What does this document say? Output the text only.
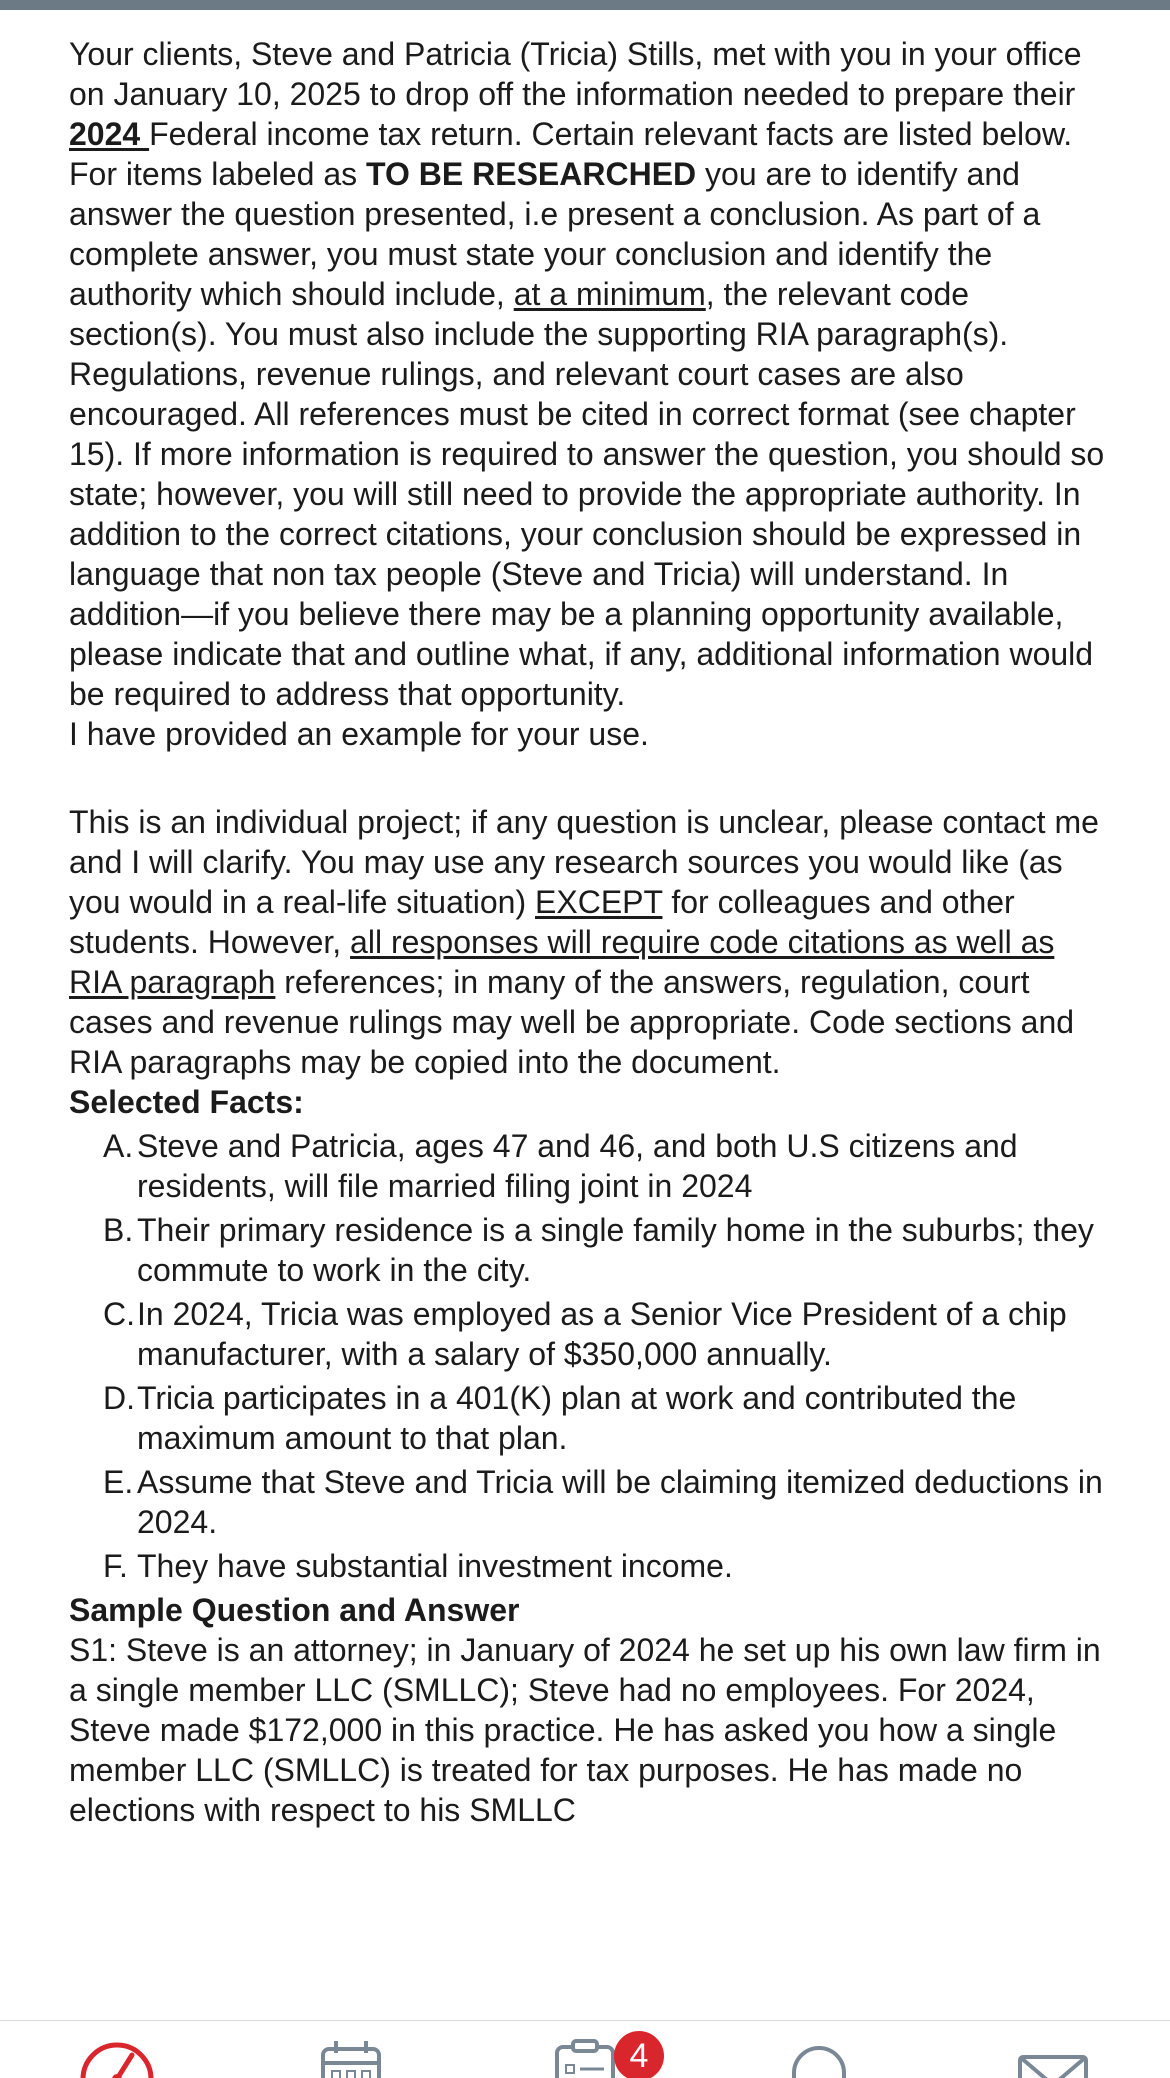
Your clients, Steve and Patricia (Tricia) Stills, met with you in your office on January 10, 2025 to drop off the information needed to prepare their 2024 Federal income tax return. Certain relevant facts are listed below. For items labeled as TO BE RESEARCHED you are to identify and answer the question presented, i.e present a conclusion. As part of a complete answer, you must state your conclusion and identify the authority which should include, at a minimum, the relevant code section(s). You must also include the supporting RIA paragraph(s). Regulations, revenue rulings, and relevant court cases are also encouraged. All references must be cited in correct format (see chapter 15). If more information is required to answer the question, you should so state; however, you will still need to provide the appropriate authority. In addition to the correct citations, your conclusion should be expressed in language that non tax people (Steve and Tricia) will understand. In addition—if you believe there may be a planning opportunity available, please indicate that and outline what, if any, additional information would be required to address that opportunity.

I have provided an example for your use.

This is an individual project; if any question is unclear, please contact me and I will clarify. You may use any research sources you would like (as you would in a real-life situation) EXCEPT for colleagues and other students. However, all responses will require code citations as well as RIA paragraph references; in many of the answers, regulation, court cases and revenue rulings may well be appropriate. Code sections and RIA paragraphs may be copied into the document.

Selected Facts:

A. Steve and Patricia, ages 47 and 46, and both U.S citizens and residents, will file married filing joint in 2024
B. Their primary residence is a single family home in the suburbs; they commute to work in the city.
C. In 2024, Tricia was employed as a Senior Vice President of a chip manufacturer, with a salary of $350,000 annually.
D. Tricia participates in a 401(K) plan at work and contributed the maximum amount to that plan.
E. Assume that Steve and Tricia will be claiming itemized deductions in 2024.
F. They have substantial investment income.

Sample Question and Answer

S1: Steve is an attorney; in January of 2024 he set up his own law firm in a single member LLC (SMLLC); Steve had no employees. For 2024, Steve made $172,000 in this practice. He has asked you how a single member LLC (SMLLC) is treated for tax purposes. He has made no elections with respect to his SMLLC

4
